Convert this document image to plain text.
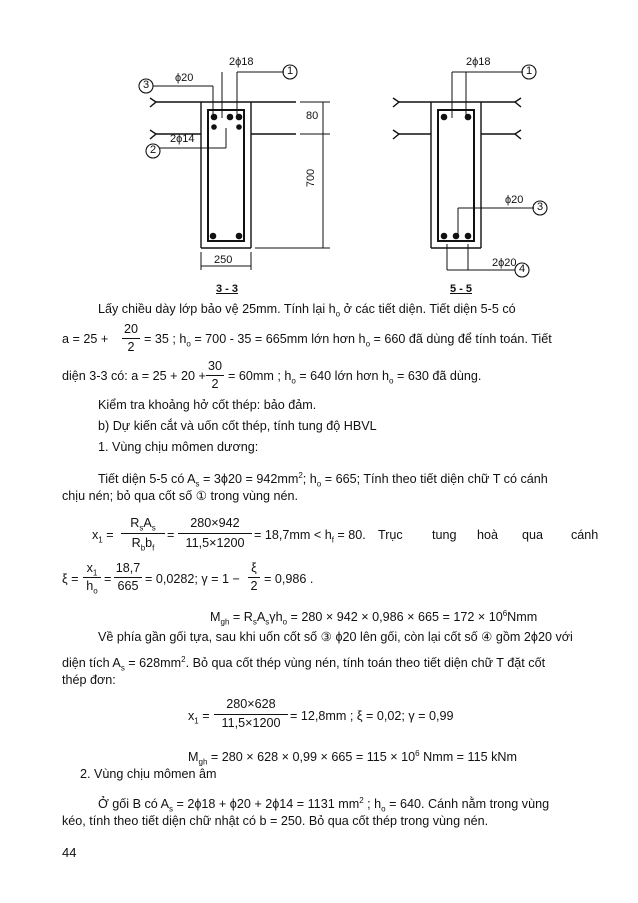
2ϕ18
1
3
ϕ20
2
2ϕ14
80
700
250
3 - 3
2ϕ18
1
ϕ20
3
2ϕ20 4
5 - 5
Lấy chiều dày lớp bảo vệ 25mm. Tính lại $h_o$ ở các tiết diện. Tiết diện 5-5 có
a = 25 +
20
2
= 35 ; $h_o = 700 - 35 = 665mm$ lớn hơn $h_o = 660$ đã dùng để tính toán. Tiết
diện 3-3 có: a = 25 + 20 +
30
2
= 60mm ; $h_o = 640$ lớn hơn $h_o = 630$ đã dùng.
Kiểm tra khoảng hở cốt thép: bảo đảm.
b) Dự kiến cắt và uốn cốt thép, tính tung độ HBVL
1. Vùng chịu mômen dương:
Tiết diện 5-5 có $A_s = 3\phi 20 = 942mm^2$; $h_o = 665$; Tính theo tiết diện chữ T có cánh
chịu nén; bỏ qua cốt số ① trong vùng nén.
$x_1$ =
$R_sA_s$
$R_bb_f$
=
280×942
11,5×1200
= $18,7mm < h_f = 80$. Trục tung hoà qua cánh
ξ =
$x_1$
$h_o$
=
18,7
665 = 0,0282; γ = 1 −
ξ
2 = 0,986 .
$M_{gh} = R_sA_s\gamma h_o = 280 \times 942 \times 0,986 \times 665 = 172 \times 10^6Nmm$
Về phía gần gối tựa, sau khi uốn cốt số ③ ϕ20 lên gối, còn lại cốt số ④ gồm 2ϕ20 với
diện tích $A_s = 628mm^2$. Bỏ qua cốt thép vùng nén, tính toán theo tiết diện chữ T đặt cốt
thép đơn:
$x_1$ =
280×628
11,5×1200 = 12,8mm ; ξ = 0,02; γ = 0,99
$M_{gh} = 280 \times 628 \times 0,99 \times 665 = 115 \times 10^6$ Nmm = 115 kNm
2. Vùng chịu mômen âm
Ở gối B có $A_s = 2\phi 18 + \phi 20 + 2\phi 14 = 1131$ $mm^2$ ; $h_o = 640$. Cánh nằm trong vùng
kéo, tính theo tiết diện chữ nhật có b = 250. Bỏ qua cốt thép trong vùng nén.
44
